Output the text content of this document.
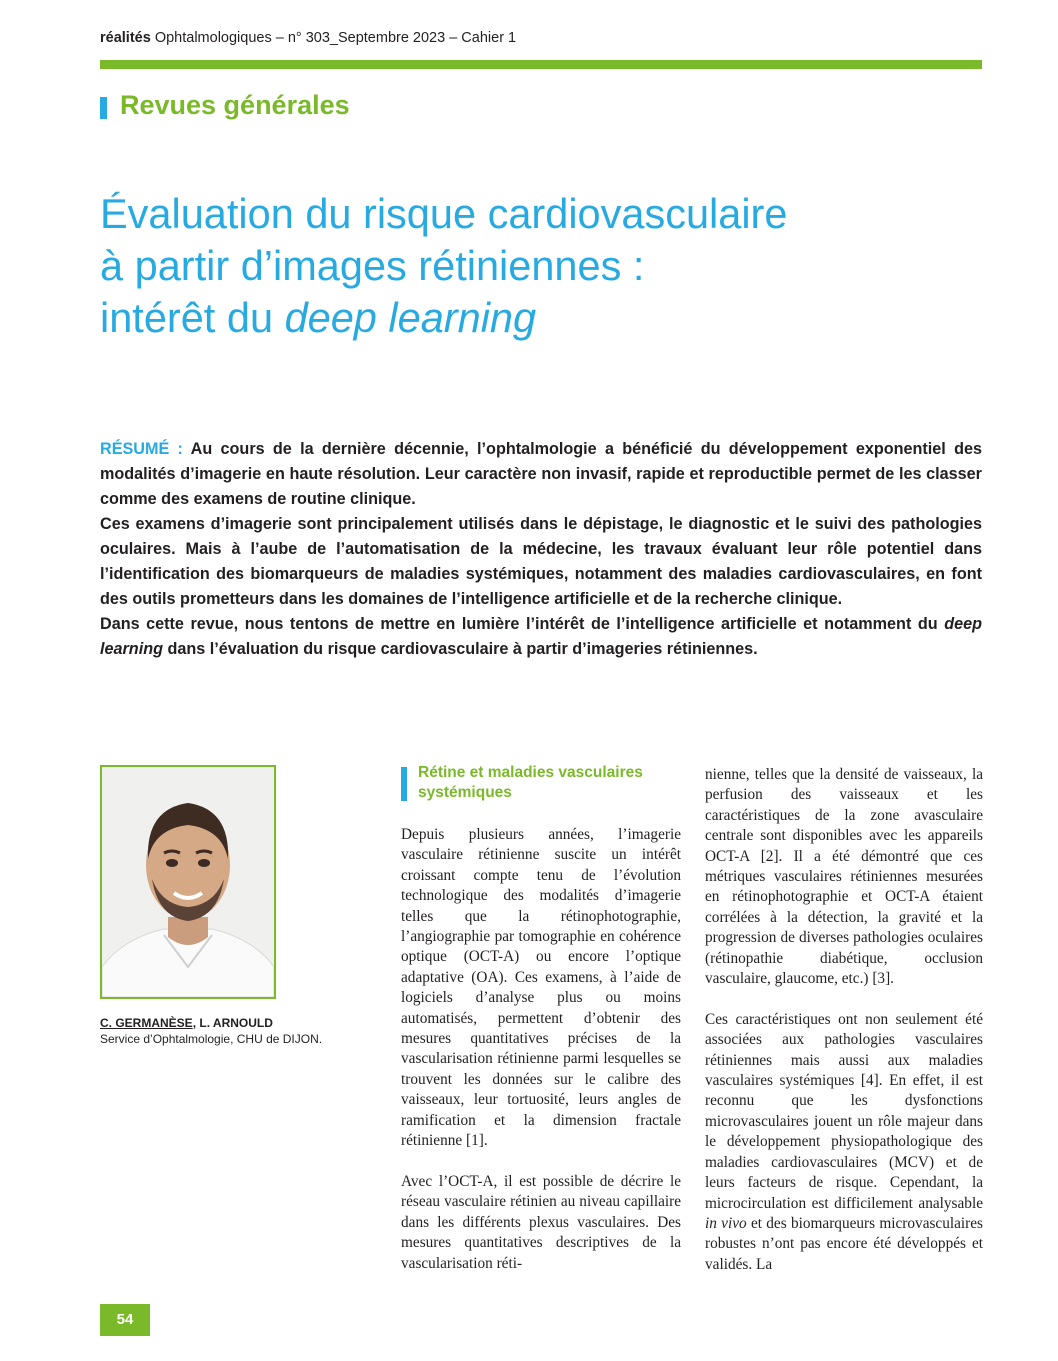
réalités Ophtalmologiques – n° 303_Septembre 2023 – Cahier 1
Revues générales
Évaluation du risque cardiovasculaire
à partir d’images rétiniennes :
intérêt du deep learning

RÉSUMÉ : Au cours de la dernière décennie, l’ophtalmologie a bénéficié du développement exponentiel des modalités d’imagerie en haute résolution. Leur caractère non invasif, rapide et reproductible permet de les classer comme des examens de routine clinique.

Ces examens d’imagerie sont principalement utilisés dans le dépistage, le diagnostic et le suivi des pathologies oculaires. Mais à l’aube de l’automatisation de la médecine, les travaux évaluant leur rôle potentiel dans l’identification des biomarqueurs de maladies systémiques, notamment des maladies cardiovasculaires, en font des outils prometteurs dans les domaines de l’intelligence artificielle et de la recherche clinique.

Dans cette revue, nous tentons de mettre en lumière l’intérêt de l’intelligence artificielle et notamment du deep learning dans l’évaluation du risque cardiovasculaire à partir d’imageries rétiniennes.

C. GERMANÈSE, L. ARNOULD
Service d’Ophtalmologie, CHU de DIJON.
Rétine et maladies vasculaires systémiques

Depuis plusieurs années, l’imagerie vasculaire rétinienne suscite un intérêt croissant compte tenu de l’évolution technologique des modalités d’imagerie telles que la rétinophotographie, l’angiographie par tomographie en cohérence optique (OCT-A) ou encore l’optique adaptative (OA). Ces examens, à l’aide de logiciels d’analyse plus ou moins automatisés, permettent d’obtenir des mesures quantitatives précises de la vascularisation rétinienne parmi lesquelles se trouvent les données sur le calibre des vaisseaux, leur tortuosité, leurs angles de ramification et la dimension fractale rétinienne [1].

Avec l’OCT-A, il est possible de décrire le réseau vasculaire rétinien au niveau capillaire dans les différents plexus vasculaires. Des mesures quantitatives descriptives de la vascularisation réti-

nienne, telles que la densité de vaisseaux, la perfusion des vaisseaux et les caractéristiques de la zone avasculaire centrale sont disponibles avec les appareils OCT-A [2]. Il a été démontré que ces métriques vasculaires rétiniennes mesurées en rétinophotographie et OCT-A étaient corrélées à la détection, la gravité et la progression de diverses pathologies oculaires (rétinopathie diabétique, occlusion vasculaire, glaucome, etc.) [3].

Ces caractéristiques ont non seulement été associées aux pathologies vasculaires rétiniennes mais aussi aux maladies vasculaires systémiques [4]. En effet, il est reconnu que les dysfonctions microvasculaires jouent un rôle majeur dans le développement physiopathologique des maladies cardiovasculaires (MCV) et de leurs facteurs de risque. Cependant, la microcirculation est difficilement analysable in vivo et des biomarqueurs microvasculaires robustes n’ont pas encore été développés et validés. La

54
